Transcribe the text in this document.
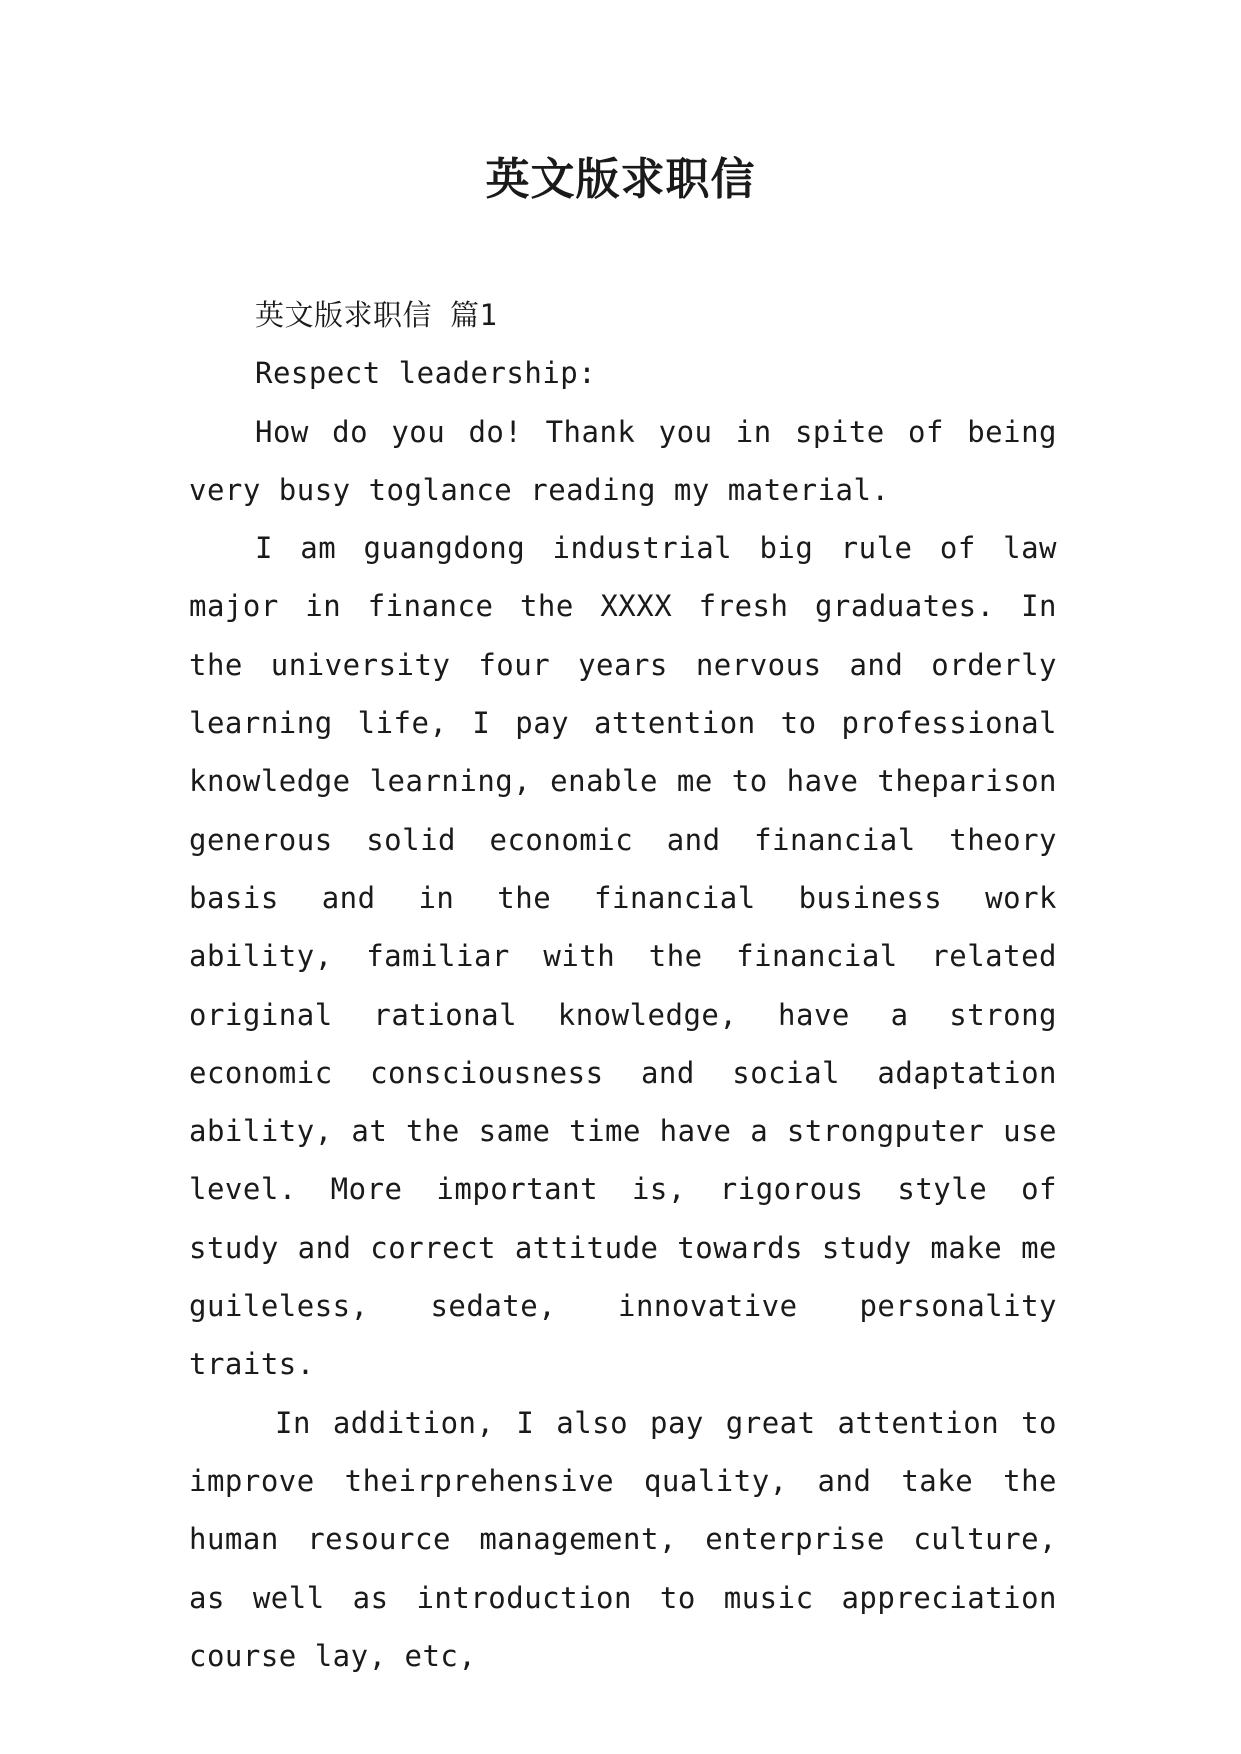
英文版求职信

英文版求职信 篇1

Respect leadership:

How do you do! Thank you in spite of being very busy toglance reading my material.

I am guangdong industrial big rule of law major in finance the XXXX fresh graduates. In the university four years nervous and orderly learning life, I pay attention to professional knowledge learning, enable me to have theparison generous solid economic and financial theory basis and in the financial business work ability, familiar with the financial related original rational knowledge, have a strong economic consciousness and social adaptation ability, at the same time have a strongputer use level. More important is, rigorous style of study and correct attitude towards study make me guileless, sedate, innovative personality traits.

In addition, I also pay great attention to improve theirprehensive quality, and take the human resource management, enterprise culture, as well as introduction to music appreciation course lay, etc,
